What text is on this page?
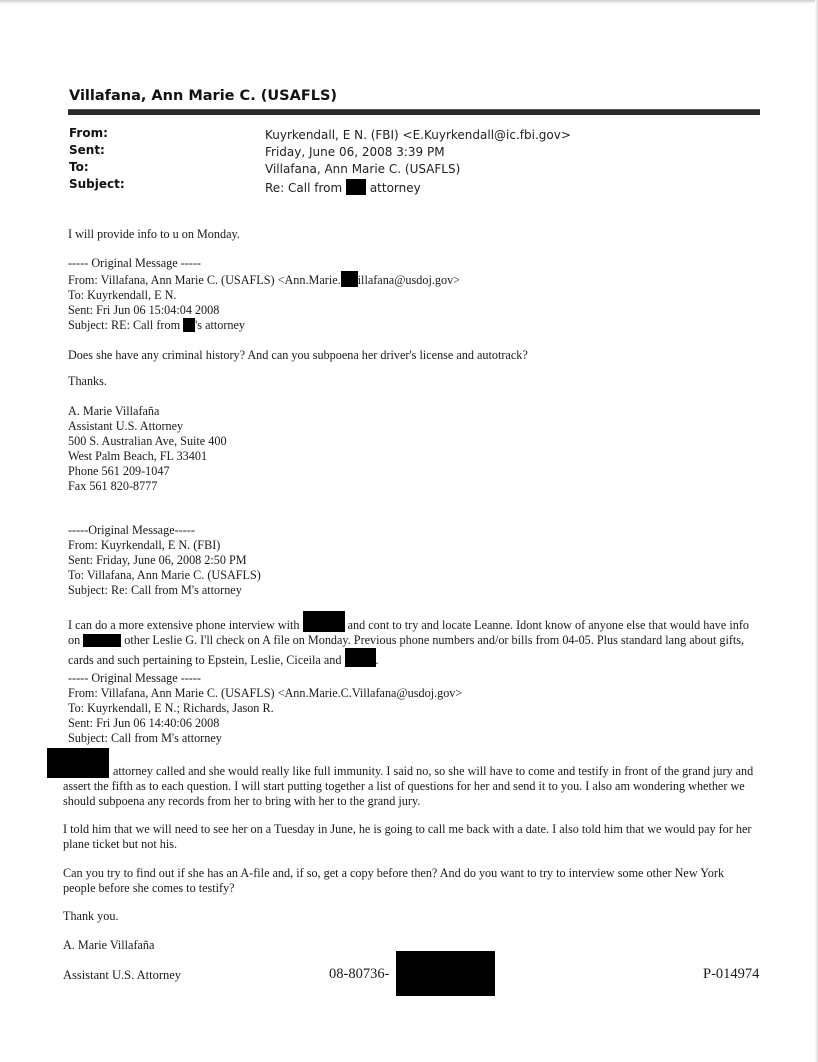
Villafana, Ann Marie C. (USAFLS)
From:	Kuyrkendall, E N. (FBI) <E.Kuyrkendall@ic.fbi.gov>
Sent:	Friday, June 06, 2008 3:39 PM
To:	Villafana, Ann Marie C. (USAFLS)
Subject:	Re: Call from  attorney

I will provide info to u on Monday.

----- Original Message -----

From: Villafana, Ann Marie C. (USAFLS) <Ann.Marie. illafana@usdoj.gov>

To: Kuyrkendall, E N.

Sent: Fri Jun 06 15:04:04 2008

Subject: RE: Call from 's attorney

Does she have any criminal history? And can you subpoena her driver's license and autotrack?

Thanks.

A. Marie Villafaña

Assistant U.S. Attorney

500 S. Australian Ave, Suite 400

West Palm Beach, FL 33401

Phone 561 209-1047

Fax 561 820-8777

-----Original Message-----

From: Kuyrkendall, E N. (FBI)

Sent: Friday, June 06, 2008 2:50 PM

To: Villafana, Ann Marie C. (USAFLS)

Subject: Re: Call from M's attorney

I can do a more extensive phone interview with	and cont to try and locate Leanne. Idont know of anyone else that would have info on	other Leslie G. I'll check on A file on Monday. Previous phone numbers and/or bills from 04-05. Plus standard lang about gifts, cards and such pertaining to Epstein, Leslie, Ciceila and	.

----- Original Message -----

From: Villafana, Ann Marie C. (USAFLS) <Ann.Marie.C.Villafana@usdoj.gov>

To: Kuyrkendall, E N.; Richards, Jason R.

Sent: Fri Jun 06 14:40:06 2008

Subject: Call from M's attorney

attorney called and she would really like full immunity. I said no, so she will have to come and testify in front of the grand jury and assert the fifth as to each question. I will start putting together a list of questions for her and send it to you. I also am wondering whether we should subpoena any records from her to bring with her to the grand jury.

I told him that we will need to see her on a Tuesday in June, he is going to call me back with a date. I also told him that we would pay for her plane ticket but not his.

Can you try to find out if she has an A-file and, if so, get a copy before then? And do you want to try to interview some other New York people before she comes to testify?

Thank you.

A. Marie Villafaña

Assistant U.S. Attorney	08-80736-	P-014974
